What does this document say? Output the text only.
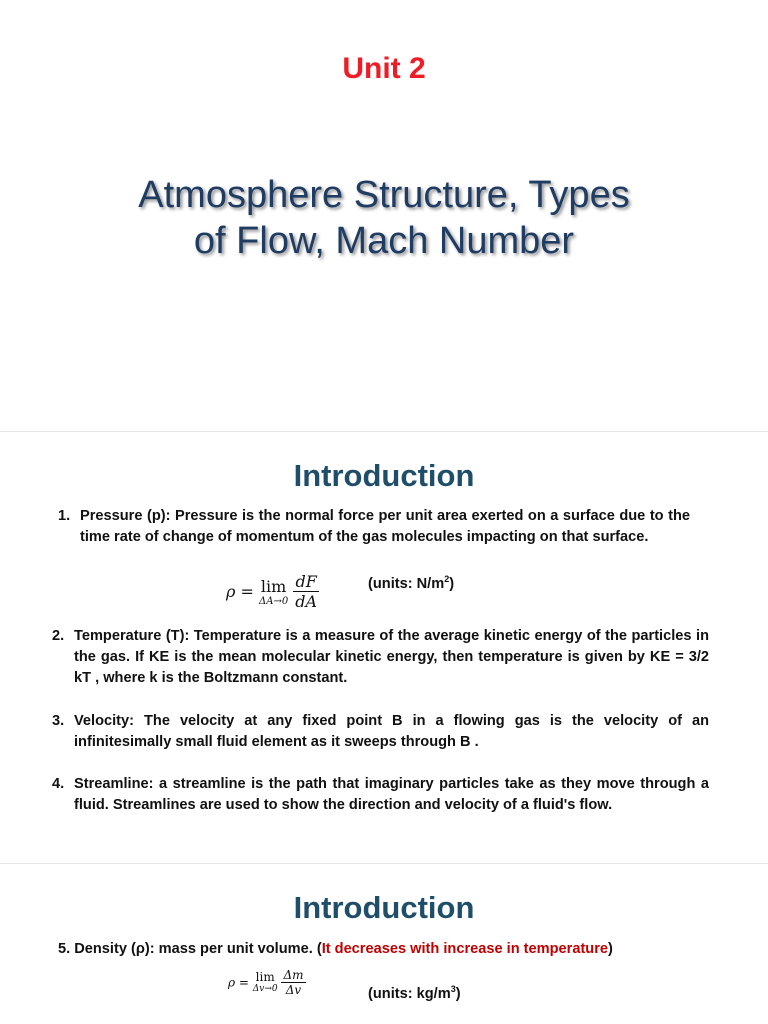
Unit 2
Atmosphere Structure, Types
of Flow, Mach Number
Introduction
1. Pressure (p): Pressure is the normal force per unit area exerted on a surface due to the time rate of change of momentum of the gas molecules impacting on that surface.
ρ = lim
ΔA→0
$\frac{dF}{dA}$	(units: $N/m^2$)
2. Temperature (T): Temperature is a measure of the average kinetic energy of the particles in the gas. If KE is the mean molecular kinetic energy, then temperature is given by KE = 3/2 kT , where k is the Boltzmann constant.
3. Velocity: The velocity at any fixed point B in a flowing gas is the velocity of an infinitesimally small fluid element as it sweeps through B .
4. Streamline: a streamline is the path that imaginary particles take as they move through a fluid. Streamlines are used to show the direction and velocity of a fluid's flow.
Introduction
5. Density (ρ): mass per unit volume. (It decreases with increase in temperature)
ρ = lim
Δv→0
$\frac{\Delta m}{\Delta v}$	(units: $kg/m^3$)
